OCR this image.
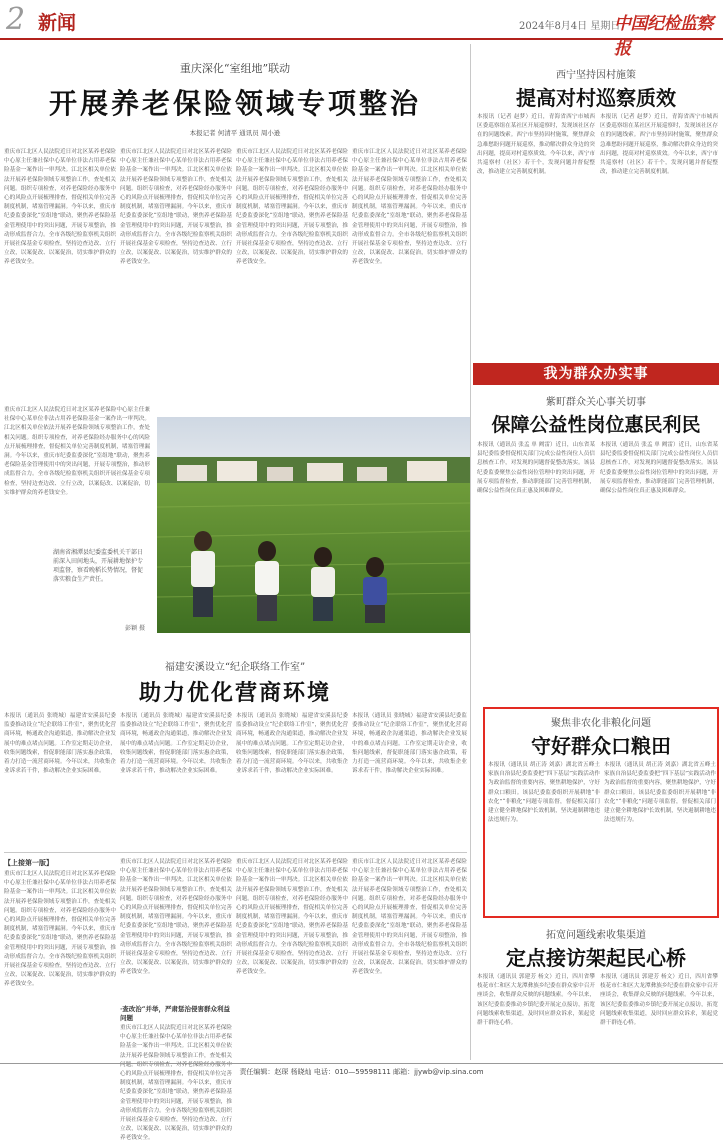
2 新闻	2024年8月4日 星期日
中国纪检监察报
重庆深化“室组地”联动
开展养老保险领域专项整治
本报记者 何清平 通讯员 周小逊
重庆市江北区人民法院近日对北区某养老保险中心原主任兼社保中心某单位非法占用养老保险基金一案作出一审判决。江北区相关单位依法开展养老保险领域专项整治工作，查处相关问题。组织专项检查，对养老保险经办服务中心的风险点开展梳理排查，督促相关单位完善制度机制，堵塞管理漏洞。今年以来，重庆市纪委监委深化“室组地”联动，聚焦养老保险基金管理使用中的突出问题，开展专项整治，推动形成监督合力。全市各级纪检监察机关组织开展社保基金专项检查，坚持边查边改、立行立改，以案促改、以案促治，切实维护群众的养老钱安全。
重庆市江北区人民法院近日对北区某养老保险中心原主任兼社保中心某单位非法占用养老保险基金一案作出一审判决。江北区相关单位依法开展养老保险领域专项整治工作，查处相关问题。组织专项检查，对养老保险经办服务中心的风险点开展梳理排查，督促相关单位完善制度机制，堵塞管理漏洞。今年以来，重庆市纪委监委深化“室组地”联动，聚焦养老保险基金管理使用中的突出问题，开展专项整治，推动形成监督合力。全市各级纪检监察机关组织开展社保基金专项检查，坚持边查边改、立行立改，以案促改、以案促治，切实维护群众的养老钱安全。
重庆市江北区人民法院近日对北区某养老保险中心原主任兼社保中心某单位非法占用养老保险基金一案作出一审判决。江北区相关单位依法开展养老保险领域专项整治工作，查处相关问题。组织专项检查，对养老保险经办服务中心的风险点开展梳理排查，督促相关单位完善制度机制，堵塞管理漏洞。今年以来，重庆市纪委监委深化“室组地”联动，聚焦养老保险基金管理使用中的突出问题，开展专项整治，推动形成监督合力。全市各级纪检监察机关组织开展社保基金专项检查，坚持边查边改、立行立改，以案促改、以案促治，切实维护群众的养老钱安全。
重庆市江北区人民法院近日对北区某养老保险中心原主任兼社保中心某单位非法占用养老保险基金一案作出一审判决。江北区相关单位依法开展养老保险领域专项整治工作，查处相关问题。组织专项检查，对养老保险经办服务中心的风险点开展梳理排查，督促相关单位完善制度机制，堵塞管理漏洞。今年以来，重庆市纪委监委深化“室组地”联动，聚焦养老保险基金管理使用中的突出问题，开展专项整治，推动形成监督合力。全市各级纪检监察机关组织开展社保基金专项检查，坚持边查边改、立行立改，以案促改、以案促治，切实维护群众的养老钱安全。
重庆市江北区人民法院近日对北区某养老保险中心原主任兼社保中心某单位非法占用养老保险基金一案作出一审判决。江北区相关单位依法开展养老保险领域专项整治工作，查处相关问题。组织专项检查，对养老保险经办服务中心的风险点开展梳理排查，督促相关单位完善制度机制，堵塞管理漏洞。今年以来，重庆市纪委监委深化“室组地”联动，聚焦养老保险基金管理使用中的突出问题，开展专项整治，推动形成监督合力。全市各级纪检监察机关组织开展社保基金专项检查，坚持边查边改、立行立改，以案促改、以案促治，切实维护群众的养老钱安全。
湖南省湘潭县纪委监委机关干部日前深入田间地头，开展耕地保护专项监督，察看晚稻长势情况，督促落实粮食生产责任。
彭颖 摄
西宁坚持因村施策
提高对村巡察质效
本报讯（记者 赵梦）近日，青海省西宁市城西区委巡察组在某社区开展巡察时，发现该社区存在的问题线索。西宁市坚持因村施策，聚焦群众急难愁盼问题开展巡察，推动解决群众身边的突出问题，提高对村巡察质效。今年以来，西宁市共巡察村（社区）若干个，发现问题并督促整改，推动建立完善制度机制。
本报讯（记者 赵梦）近日，青海省西宁市城西区委巡察组在某社区开展巡察时，发现该社区存在的问题线索。西宁市坚持因村施策，聚焦群众急难愁盼问题开展巡察，推动解决群众身边的突出问题，提高对村巡察质效。今年以来，西宁市共巡察村（社区）若干个，发现问题并督促整改，推动建立完善制度机制。
我为群众办实事
紫町群众关心事关切事
保障公益性岗位惠民利民
本报讯（通讯员 张孟 单 阙雷）近日，山东省某县纪委监委督促相关部门完成公益性岗位人员信息核查工作，对发现的问题督促整改落实。该县纪委监委聚焦公益性岗位管理中的突出问题，开展专项监督检查，推动职能部门完善管理机制，确保公益性岗位真正惠及困难群众。
本报讯（通讯员 张孟 单 阙雷）近日，山东省某县纪委监委督促相关部门完成公益性岗位人员信息核查工作，对发现的问题督促整改落实。该县纪委监委聚焦公益性岗位管理中的突出问题，开展专项监督检查，推动职能部门完善管理机制，确保公益性岗位真正惠及困难群众。
聚焦非农化非粮化问题
守好群众口粮田
本报讯（通讯员 胡正涛 刘嘉）湖北省五峰土家族自治县纪委监委把“四下基层”实践活动作为政治监督的重要内容，聚焦耕地保护，守好群众口粮田。该县纪委监委组织开展耕地“非农化”“非粮化”问题专项监督，督促相关部门建立健全耕地保护长效机制，坚决遏制耕地违法违规行为。
本报讯（通讯员 胡正涛 刘嘉）湖北省五峰土家族自治县纪委监委把“四下基层”实践活动作为政治监督的重要内容，聚焦耕地保护，守好群众口粮田。该县纪委监委组织开展耕地“非农化”“非粮化”问题专项监督，督促相关部门建立健全耕地保护长效机制，坚决遏制耕地违法违规行为。
拓宽问题线索收集渠道
定点接访架起民心桥
本报讯（通讯员 郭建芳 杨文）近日，四川省攀枝花市仁和区大龙潭彝族乡纪委在群众家中召开座谈会，收集群众反映的问题线索。今年以来，该区纪委监委推动乡镇纪委开展定点接访，拓宽问题线索收集渠道，及时回应群众诉求，架起党群干群连心桥。
本报讯（通讯员 郭建芳 杨文）近日，四川省攀枝花市仁和区大龙潭彝族乡纪委在群众家中召开座谈会，收集群众反映的问题线索。今年以来，该区纪委监委推动乡镇纪委开展定点接访，拓宽问题线索收集渠道，及时回应群众诉求，架起党群干群连心桥。
福建安溪设立“纪企联络工作室”
助力优化营商环境
本报讯（通讯员 张晓城）福建省安溪县纪委监委推动设立“纪企联络工作室”，聚焦优化营商环境，畅通政企沟通渠道，推动解决企业发展中的难点堵点问题。工作室定期走访企业，收集问题线索，督促职能部门落实惠企政策，着力打造一流营商环境。今年以来，共收集企业诉求若干件，推动解决企业实际困难。
本报讯（通讯员 张晓城）福建省安溪县纪委监委推动设立“纪企联络工作室”，聚焦优化营商环境，畅通政企沟通渠道，推动解决企业发展中的难点堵点问题。工作室定期走访企业，收集问题线索，督促职能部门落实惠企政策，着力打造一流营商环境。今年以来，共收集企业诉求若干件，推动解决企业实际困难。
本报讯（通讯员 张晓城）福建省安溪县纪委监委推动设立“纪企联络工作室”，聚焦优化营商环境，畅通政企沟通渠道，推动解决企业发展中的难点堵点问题。工作室定期走访企业，收集问题线索，督促职能部门落实惠企政策，着力打造一流营商环境。今年以来，共收集企业诉求若干件，推动解决企业实际困难。
本报讯（通讯员 张晓城）福建省安溪县纪委监委推动设立“纪企联络工作室”，聚焦优化营商环境，畅通政企沟通渠道，推动解决企业发展中的难点堵点问题。工作室定期走访企业，收集问题线索，督促职能部门落实惠企政策，着力打造一流营商环境。今年以来，共收集企业诉求若干件，推动解决企业实际困难。
【上接第一版】
重庆市江北区人民法院近日对北区某养老保险中心原主任兼社保中心某单位非法占用养老保险基金一案作出一审判决。江北区相关单位依法开展养老保险领域专项整治工作，查处相关问题。组织专项检查，对养老保险经办服务中心的风险点开展梳理排查，督促相关单位完善制度机制，堵塞管理漏洞。今年以来，重庆市纪委监委深化“室组地”联动，聚焦养老保险基金管理使用中的突出问题，开展专项整治，推动形成监督合力。全市各级纪检监察机关组织开展社保基金专项检查，坚持边查边改、立行立改，以案促改、以案促治，切实维护群众的养老钱安全。
重庆市江北区人民法院近日对北区某养老保险中心原主任兼社保中心某单位非法占用养老保险基金一案作出一审判决。江北区相关单位依法开展养老保险领域专项整治工作，查处相关问题。组织专项检查，对养老保险经办服务中心的风险点开展梳理排查，督促相关单位完善制度机制，堵塞管理漏洞。今年以来，重庆市纪委监委深化“室组地”联动，聚焦养老保险基金管理使用中的突出问题，开展专项整治，推动形成监督合力。全市各级纪检监察机关组织开展社保基金专项检查，坚持边查边改、立行立改，以案促改、以案促治，切实维护群众的养老钱安全。
·查改治“并举，严肃惩治侵害群众利益问题
重庆市江北区人民法院近日对北区某养老保险中心原主任兼社保中心某单位非法占用养老保险基金一案作出一审判决。江北区相关单位依法开展养老保险领域专项整治工作，查处相关问题。组织专项检查，对养老保险经办服务中心的风险点开展梳理排查，督促相关单位完善制度机制，堵塞管理漏洞。今年以来，重庆市纪委监委深化“室组地”联动，聚焦养老保险基金管理使用中的突出问题，开展专项整治，推动形成监督合力。全市各级纪检监察机关组织开展社保基金专项检查，坚持边查边改、立行立改，以案促改、以案促治，切实维护群众的养老钱安全。
重庆市江北区人民法院近日对北区某养老保险中心原主任兼社保中心某单位非法占用养老保险基金一案作出一审判决。江北区相关单位依法开展养老保险领域专项整治工作，查处相关问题。组织专项检查，对养老保险经办服务中心的风险点开展梳理排查，督促相关单位完善制度机制，堵塞管理漏洞。今年以来，重庆市纪委监委深化“室组地”联动，聚焦养老保险基金管理使用中的突出问题，开展专项整治，推动形成监督合力。全市各级纪检监察机关组织开展社保基金专项检查，坚持边查边改、立行立改，以案促改、以案促治，切实维护群众的养老钱安全。
重庆市江北区人民法院近日对北区某养老保险中心原主任兼社保中心某单位非法占用养老保险基金一案作出一审判决。江北区相关单位依法开展养老保险领域专项整治工作，查处相关问题。组织专项检查，对养老保险经办服务中心的风险点开展梳理排查，督促相关单位完善制度机制，堵塞管理漏洞。今年以来，重庆市纪委监委深化“室组地”联动，聚焦养老保险基金管理使用中的突出问题，开展专项整治，推动形成监督合力。全市各级纪检监察机关组织开展社保基金专项检查，坚持边查边改、立行立改，以案促改、以案促治，切实维护群众的养老钱安全。
责任编辑：赵琛 杨晓灿 电话：010—59598111 邮箱：jjywb@vip.sina.com
